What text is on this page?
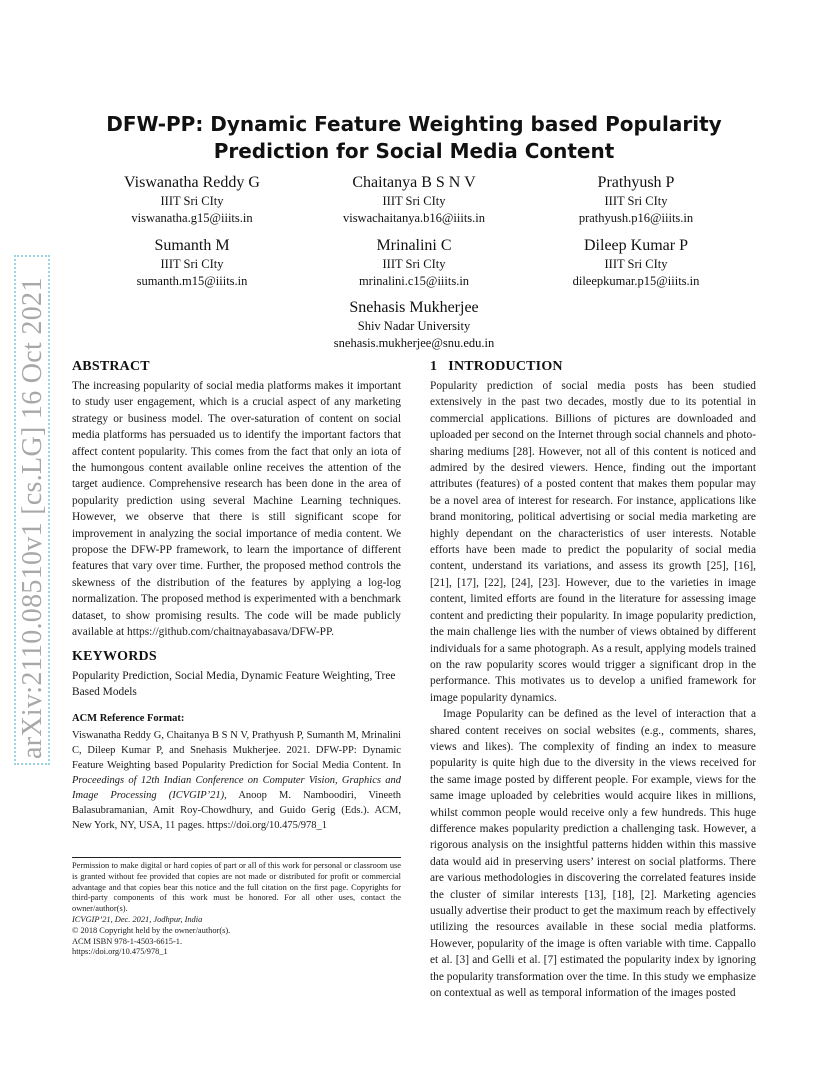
arXiv:2110.08510v1 [cs.LG] 16 Oct 2021
DFW-PP: Dynamic Feature Weighting based Popularity
Prediction for Social Media Content
Viswanatha Reddy G
IIIT Sri CIty
viswanatha.g15@iiits.in
Chaitanya B S N V
IIIT Sri CIty
viswachaitanya.b16@iiits.in
Prathyush P
IIIT Sri CIty
prathyush.p16@iiits.in
Sumanth M
IIIT Sri CIty
sumanth.m15@iiits.in
Mrinalini C
IIIT Sri CIty
mrinalini.c15@iiits.in
Dileep Kumar P
IIIT Sri CIty
dileepkumar.p15@iiits.in
Snehasis Mukherjee
Shiv Nadar University
snehasis.mukherjee@snu.edu.in
ABSTRACT

The increasing popularity of social media platforms makes it important to study user engagement, which is a crucial aspect of any marketing strategy or business model. The over-saturation of content on social media platforms has persuaded us to identify the important factors that affect content popularity. This comes from the fact that only an iota of the humongous content available online receives the attention of the target audience. Comprehensive research has been done in the area of popularity prediction using several Machine Learning techniques. However, we observe that there is still significant scope for improvement in analyzing the social importance of media content. We propose the DFW-PP framework, to learn the importance of different features that vary over time. Further, the proposed method controls the skewness of the distribution of the features by applying a log-log normalization. The proposed method is experimented with a benchmark dataset, to show promising results. The code will be made publicly available at https://github.com/chaitnayabasava/DFW-PP.

KEYWORDS

Popularity Prediction, Social Media, Dynamic Feature Weighting, Tree Based Models

ACM Reference Format:
Viswanatha Reddy G, Chaitanya B S N V, Prathyush P, Sumanth M, Mrinalini C, Dileep Kumar P, and Snehasis Mukherjee. 2021. DFW-PP: Dynamic Feature Weighting based Popularity Prediction for Social Media Content. In Proceedings of 12th Indian Conference on Computer Vision, Graphics and Image Processing (ICVGIP’21), Anoop M. Namboodiri, Vineeth Balasubramanian, Amit Roy-Chowdhury, and Guido Gerig (Eds.). ACM, New York, NY, USA, 11 pages. https://doi.org/10.475/978_1
Permission to make digital or hard copies of part or all of this work for personal or classroom use is granted without fee provided that copies are not made or distributed for profit or commercial advantage and that copies bear this notice and the full citation on the first page. Copyrights for third-party components of this work must be honored. For all other uses, contact the owner/author(s).
ICVGIP’21, Dec. 2021, Jodhpur, India
© 2018 Copyright held by the owner/author(s).
ACM ISBN 978-1-4503-6615-1.
https://doi.org/10.475/978_1
1   INTRODUCTION

Popularity prediction of social media posts has been studied extensively in the past two decades, mostly due to its potential in commercial applications. Billions of pictures are downloaded and uploaded per second on the Internet through social channels and photo-sharing mediums [28]. However, not all of this content is noticed and admired by the desired viewers. Hence, finding out the important attributes (features) of a posted content that makes them popular may be a novel area of interest for research. For instance, applications like brand monitoring, political advertising or social media marketing are highly dependant on the characteristics of user interests. Notable efforts have been made to predict the popularity of social media content, understand its variations, and assess its growth [25], [16], [21], [17], [22], [24], [23]. However, due to the varieties in image content, limited efforts are found in the literature for assessing image content and predicting their popularity. In image popularity prediction, the main challenge lies with the number of views obtained by different individuals for a same photograph. As a result, applying models trained on the raw popularity scores would trigger a significant drop in the performance. This motivates us to develop a unified framework for image popularity dynamics.

Image Popularity can be defined as the level of interaction that a shared content receives on social websites (e.g., comments, shares, views and likes). The complexity of finding an index to measure popularity is quite high due to the diversity in the views received for the same image posted by different people. For example, views for the same image uploaded by celebrities would acquire likes in millions, whilst common people would receive only a few hundreds. This huge difference makes popularity prediction a challenging task. However, a rigorous analysis on the insightful patterns hidden within this massive data would aid in preserving users’ interest on social platforms. There are various methodologies in discovering the correlated features inside the cluster of similar interests [13], [18], [2]. Marketing agencies usually advertise their product to get the maximum reach by effectively utilizing the resources available in these social media platforms. However, popularity of the image is often variable with time. Cappallo et al. [3] and Gelli et al. [7] estimated the popularity index by ignoring the popularity transformation over the time. In this study we emphasize on contextual as well as temporal information of the images posted
